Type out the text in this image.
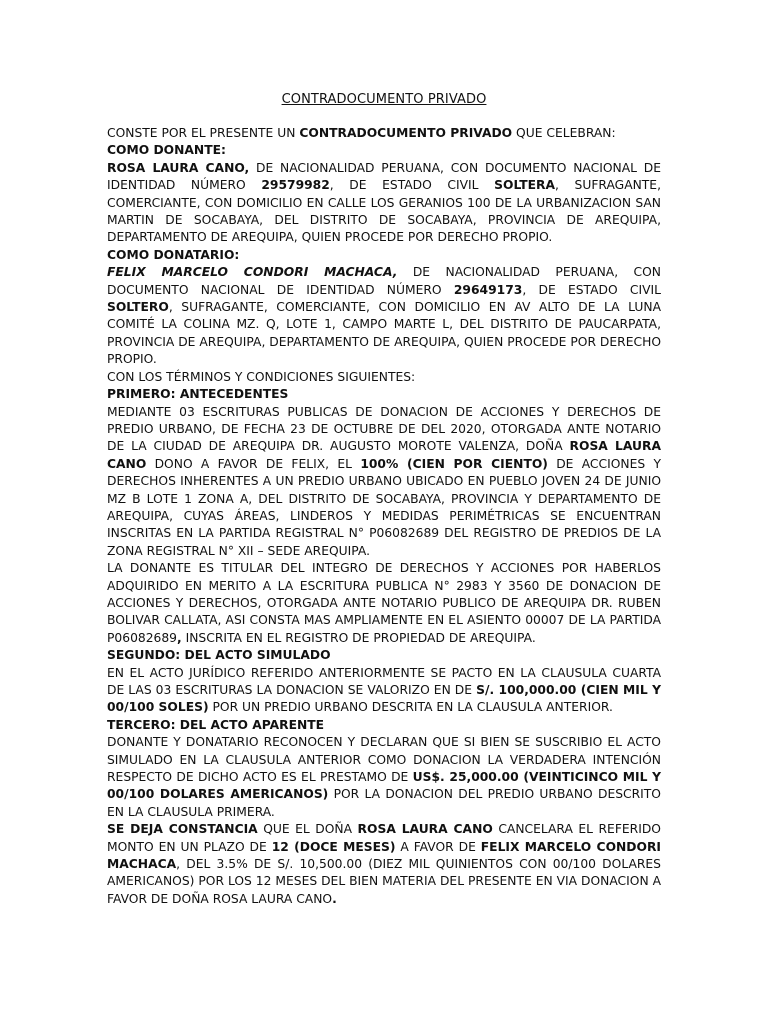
CONTRADOCUMENTO PRIVADO

CONSTE POR EL PRESENTE UN CONTRADOCUMENTO PRIVADO QUE CELEBRAN:

COMO DONANTE:

ROSA LAURA CANO, DE NACIONALIDAD PERUANA, CON DOCUMENTO NACIONAL DE IDENTIDAD NÚMERO 29579982, DE ESTADO CIVIL SOLTERA, SUFRAGANTE, COMERCIANTE, CON DOMICILIO EN CALLE LOS GERANIOS 100 DE LA URBANIZACION SAN MARTIN DE SOCABAYA, DEL DISTRITO DE SOCABAYA, PROVINCIA DE AREQUIPA, DEPARTAMENTO DE AREQUIPA, QUIEN PROCEDE POR DERECHO PROPIO.

COMO DONATARIO:

FELIX MARCELO CONDORI MACHACA, DE NACIONALIDAD PERUANA, CON DOCUMENTO NACIONAL DE IDENTIDAD NÚMERO 29649173, DE ESTADO CIVIL SOLTERO, SUFRAGANTE, COMERCIANTE, CON DOMICILIO EN AV ALTO DE LA LUNA COMITÉ LA COLINA MZ. Q, LOTE 1, CAMPO MARTE L, DEL DISTRITO DE PAUCARPATA, PROVINCIA DE AREQUIPA, DEPARTAMENTO DE AREQUIPA, QUIEN PROCEDE POR DERECHO PROPIO.

CON LOS TÉRMINOS Y CONDICIONES SIGUIENTES:

PRIMERO: ANTECEDENTES

MEDIANTE 03 ESCRITURAS PUBLICAS DE DONACION DE ACCIONES Y DERECHOS DE PREDIO URBANO, DE FECHA 23 DE OCTUBRE DE DEL 2020, OTORGADA ANTE NOTARIO DE LA CIUDAD DE AREQUIPA DR. AUGUSTO MOROTE VALENZA, DOÑA ROSA LAURA CANO DONO A FAVOR DE FELIX, EL 100% (CIEN POR CIENTO) DE ACCIONES Y DERECHOS INHERENTES A UN PREDIO URBANO UBICADO EN PUEBLO JOVEN 24 DE JUNIO MZ B LOTE 1 ZONA A, DEL DISTRITO DE SOCABAYA, PROVINCIA Y DEPARTAMENTO DE AREQUIPA, CUYAS ÁREAS, LINDEROS Y MEDIDAS PERIMÉTRICAS SE ENCUENTRAN INSCRITAS EN LA PARTIDA REGISTRAL N° P06082689 DEL REGISTRO DE PREDIOS DE LA ZONA REGISTRAL N° XII – SEDE AREQUIPA.

LA DONANTE ES TITULAR DEL INTEGRO DE DERECHOS Y ACCIONES POR HABERLOS ADQUIRIDO EN MERITO A LA ESCRITURA PUBLICA N° 2983 Y 3560 DE DONACION DE ACCIONES Y DERECHOS, OTORGADA ANTE NOTARIO PUBLICO DE AREQUIPA DR. RUBEN BOLIVAR CALLATA, ASI CONSTA MAS AMPLIAMENTE EN EL ASIENTO 00007 DE LA PARTIDA P06082689, INSCRITA EN EL REGISTRO DE PROPIEDAD DE AREQUIPA.

SEGUNDO: DEL ACTO SIMULADO

EN EL ACTO JURÍDICO REFERIDO ANTERIORMENTE SE PACTO EN LA CLAUSULA CUARTA DE LAS 03 ESCRITURAS LA DONACION SE VALORIZO EN DE S/. 100,000.00 (CIEN MIL Y 00/100 SOLES) POR UN PREDIO URBANO DESCRITA EN LA CLAUSULA ANTERIOR.

TERCERO: DEL ACTO APARENTE

DONANTE Y DONATARIO RECONOCEN Y DECLARAN QUE SI BIEN SE SUSCRIBIO EL ACTO SIMULADO EN LA CLAUSULA ANTERIOR COMO DONACION LA VERDADERA INTENCIÓN RESPECTO DE DICHO ACTO ES EL PRESTAMO DE US$. 25,000.00 (VEINTICINCO MIL Y 00/100 DOLARES AMERICANOS) POR LA DONACION DEL PREDIO URBANO DESCRITO EN LA CLAUSULA PRIMERA.

SE DEJA CONSTANCIA QUE EL DOÑA ROSA LAURA CANO CANCELARA EL REFERIDO MONTO EN UN PLAZO DE 12 (DOCE MESES) A FAVOR DE FELIX MARCELO CONDORI MACHACA, DEL 3.5% DE S/. 10,500.00 (DIEZ MIL QUINIENTOS CON 00/100 DOLARES AMERICANOS) POR LOS 12 MESES DEL BIEN MATERIA DEL PRESENTE EN VIA DONACION A FAVOR DE DOÑA ROSA LAURA CANO.
